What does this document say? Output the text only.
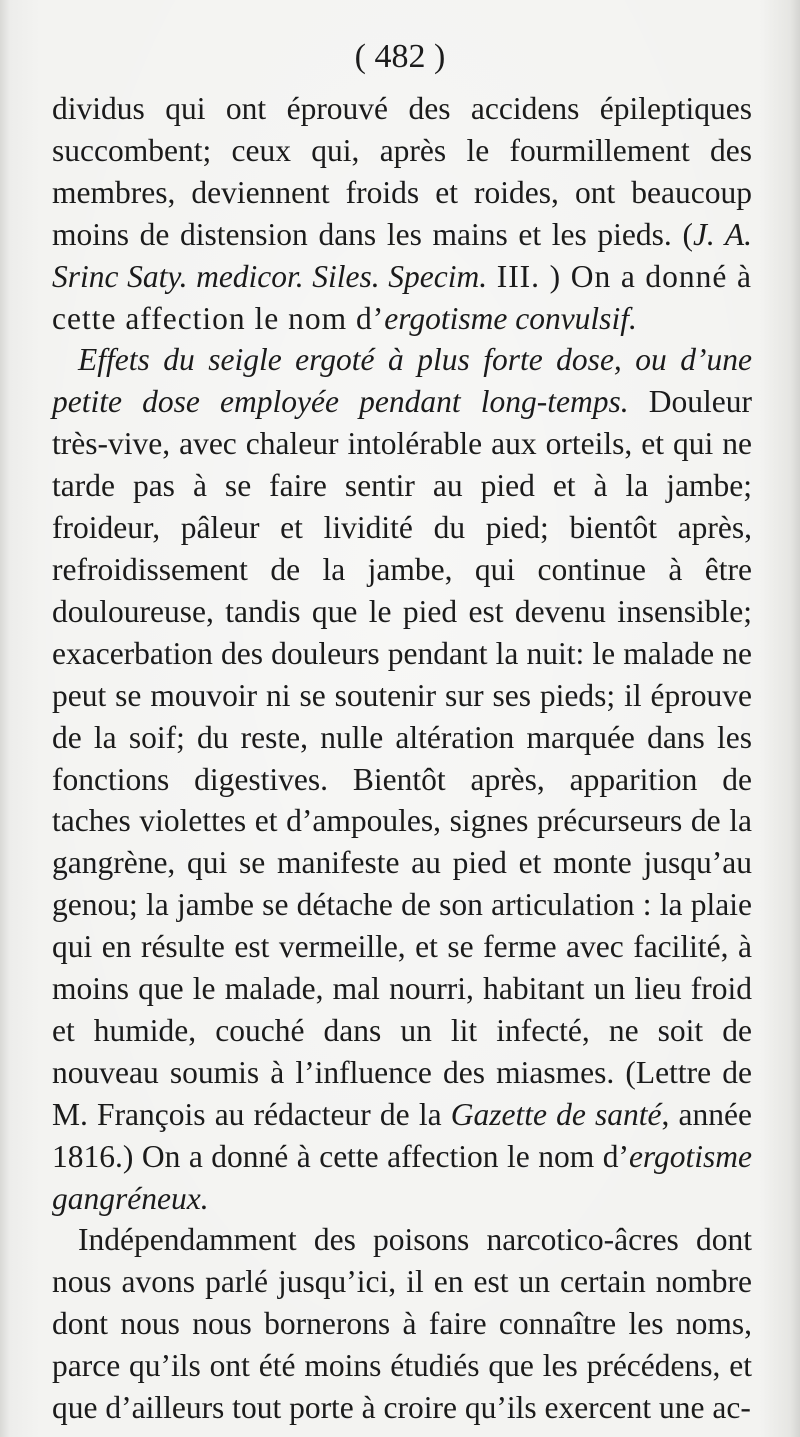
( 482 )

dividus qui ont éprouvé des accidens épileptiques succombent; ceux qui, après le fourmillement des membres, deviennent froids et roides, ont beaucoup moins de distension dans les mains et les pieds. (J. A. Srinc Saty. medicor. Siles. Specim. III. ) On a donné à cette affection le nom d’ergotisme convulsif.

Effets du seigle ergoté à plus forte dose, ou d’une petite dose employée pendant long-temps. Douleur très-vive, avec chaleur intolérable aux orteils, et qui ne tarde pas à se faire sentir au pied et à la jambe; froideur, pâleur et lividité du pied; bientôt après, refroidissement de la jambe, qui continue à être douloureuse, tandis que le pied est devenu insensible; exacerbation des douleurs pendant la nuit: le malade ne peut se mouvoir ni se soutenir sur ses pieds; il éprouve de la soif; du reste, nulle altération marquée dans les fonctions digestives. Bientôt après, apparition de taches violettes et d’ampoules, signes précurseurs de la gangrène, qui se manifeste au pied et monte jusqu’au genou; la jambe se détache de son articulation : la plaie qui en résulte est vermeille, et se ferme avec facilité, à moins que le malade, mal nourri, habitant un lieu froid et humide, couché dans un lit infecté, ne soit de nouveau soumis à l’influence des miasmes. (Lettre de M. François au rédacteur de la Gazette de santé, année 1816.) On a donné à cette affection le nom d’ergotisme gangréneux.

Indépendamment des poisons narcotico-âcres dont nous avons parlé jusqu’ici, il en est un certain nombre dont nous nous bornerons à faire connaître les noms, parce qu’ils ont été moins étudiés que les précédens, et que d’ailleurs tout porte à croire qu’ils exercent une ac-
